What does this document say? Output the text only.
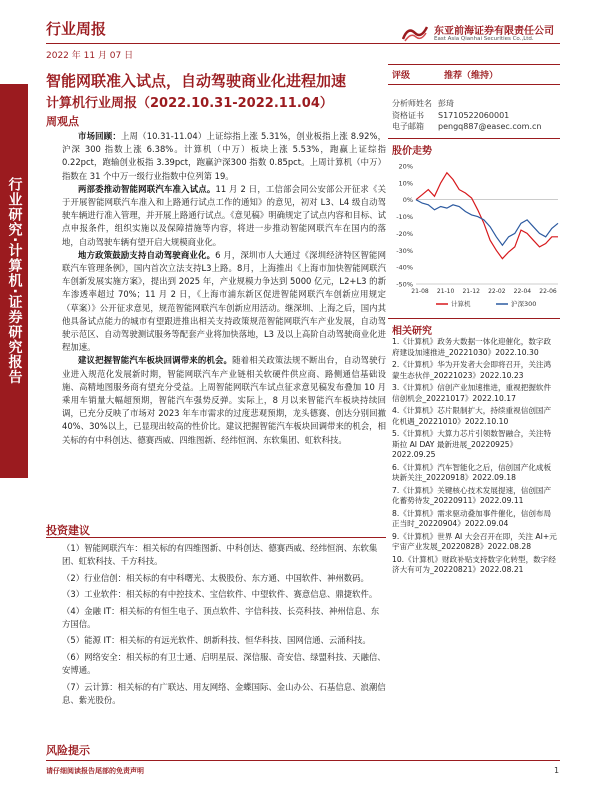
行业研究·计算机·证券研究报告
行业周报
2022 年 11 月 07 日
东亚前海证券有限责任公司
East Asia Qianhai Securities Co.,Ltd.
智能网联准入试点，自动驾驶商业化进程加速
计算机行业周报（2022.10.31-2022.11.04）
周观点

市场回顾：上周（10.31-11.04）上证综指上涨 5.31%，创业板指上涨 8.92%，沪深 300 指数上涨 6.38%。计算机（中万）板块上涨 5.53%，跑赢上证综指 0.22pct，跑输创业板指 3.39pct，跑赢沪深300 指数 0.85pct。上周计算机（中万）指数在 31 个中万一级行业指数中位列第 19。

两部委推动智能网联汽车准入试点。11 月 2 日，工信部会同公安部公开征求《关于开展智能网联汽车准入和上路通行试点工作的通知》的意见，初对 L3、L4 级自动驾驶车辆进行准入管理，并开展上路通行试点。《意见稿》明确规定了试点内容和目标、试点申报条件，组织实施以及保障措施等内容，将进一步推动智能网联汽车在国内的落地，自动驾驶车辆有望开启大规模商业化。

地方政策鼓励支持自动驾驶商业化。6 月，深圳市人大通过《深圳经济特区智能网联汽车管理条例》，国内首次立法支持L3上路。8月，上海推出《上海市加快智能网联汽车创新发展实施方案》，提出到 2025 年，产业规模力争达到 5000 亿元，L2+L3 的新车渗透率超过 70%；11 月 2 日，《上海市浦东新区促进智能网联汽车创新应用规定（草案）》公开征求意见，规范智能网联汽车创新应用活动。继深圳、上海之后，国内其他具备试点能力的城市有望跟进推出相关支持政策规范智能网联汽车产业发展，自动驾驶示范区、自动驾驶测试服务等配套产业将加快落地，L3 及以上高阶自动驾驶商业化进程加速。

建议把握智能汽车板块回调带来的机会。随着相关政策法规不断出台，自动驾驶行业进入规范化发展新时期，智能网联汽车产业链相关软硬件供应商、路侧通信基础设施、高精地图服务商有望充分受益。上周智能网联汽车试点征求意见稿发布叠加 10 月乘用车销量大幅超预期，智能汽车强势反弹。实际上，8 月以来智能汽车板块持续回调，已充分反映了市场对 2023 年车市需求的过度悲观预期，龙头德赛、创达分别回撤 40%、30%以上，已显现出较高的性价比。建议把握智能汽车板块回调带来的机会，相关标的有中科创达、德赛西威、四维图新、经纬恒润、东软集团、虹软科技。

投资建议

（1）智能网联汽车：相关标的有四维图新、中科创达、德赛西威、经纬恒润、东软集团、虹软科技、千方科技。

（2）行业信创：相关标的有中科曙光、太极股份、东方通、中国软件、神州数码。

（3）工业软件：相关标的有中控技术、宝信软件、中望软件、赛意信息、鼎捷软件。

（4）金融 IT：相关标的有恒生电子、顶点软件、宇信科技、长亮科技、神州信息、东方国信。

（5）能源 IT：相关标的有远光软件、朗新科技、恒华科技、国网信通、云涌科技。

（6）网络安全：相关标的有卫士通、启明星辰、深信服、奇安信、绿盟科技、天融信、安博通。

（7）云计算：相关标的有广联达、用友网络、金蝶国际、金山办公、石基信息、浪潮信息、紫光股份。

风险提示
评级	推荐（维持）
分析师姓名 彭琦
资格证书 S1710522060001
电子邮箱 pengq887@easec.com.cn
股价走势
20%
10%
0%
-10%
-20%
-30%
-40%
-50%
21-08 21-10 21-12 22-02 22-04 22-06
计算机	沪深300
相关研究

1.《计算机》政务大数据一体化迎催化，数字政府建设加速推进_20221030》2022.10.30

2.《计算机》华为开发者大会即将召开，关注鸿蒙生态伙伴_20221023》2022.10.23

3.《计算机》信创产业加速推进，重视把握软件信创机会_20221017》2022.10.17

4.《计算机》芯片限制扩大，持续重视信创国产化机遇_20221010》2022.10.10

5.《计算机》大算力芯片引领数智融合，关注特斯拉 AI DAY 最新进展_20220925》2022.09.25

6.《计算机》汽车智能化之后，信创国产化成板块新关注_20220918》2022.09.18

7.《计算机》关键核心技术发展提速，信创国产化蓄势待发_20220911》2022.09.11

8.《计算机》需求驱动叠加事件催化，信创布局正当时_20220904》2022.09.04

9.《计算机》世界 AI 大会召开在即，关注 AI+元宇宙产业发展_20220828》2022.08.28

10.《计算机》财政补贴支持数字化转型，数字经济大有可为_20220821》2022.08.21

请仔细阅读报告尾部的免责声明	1
